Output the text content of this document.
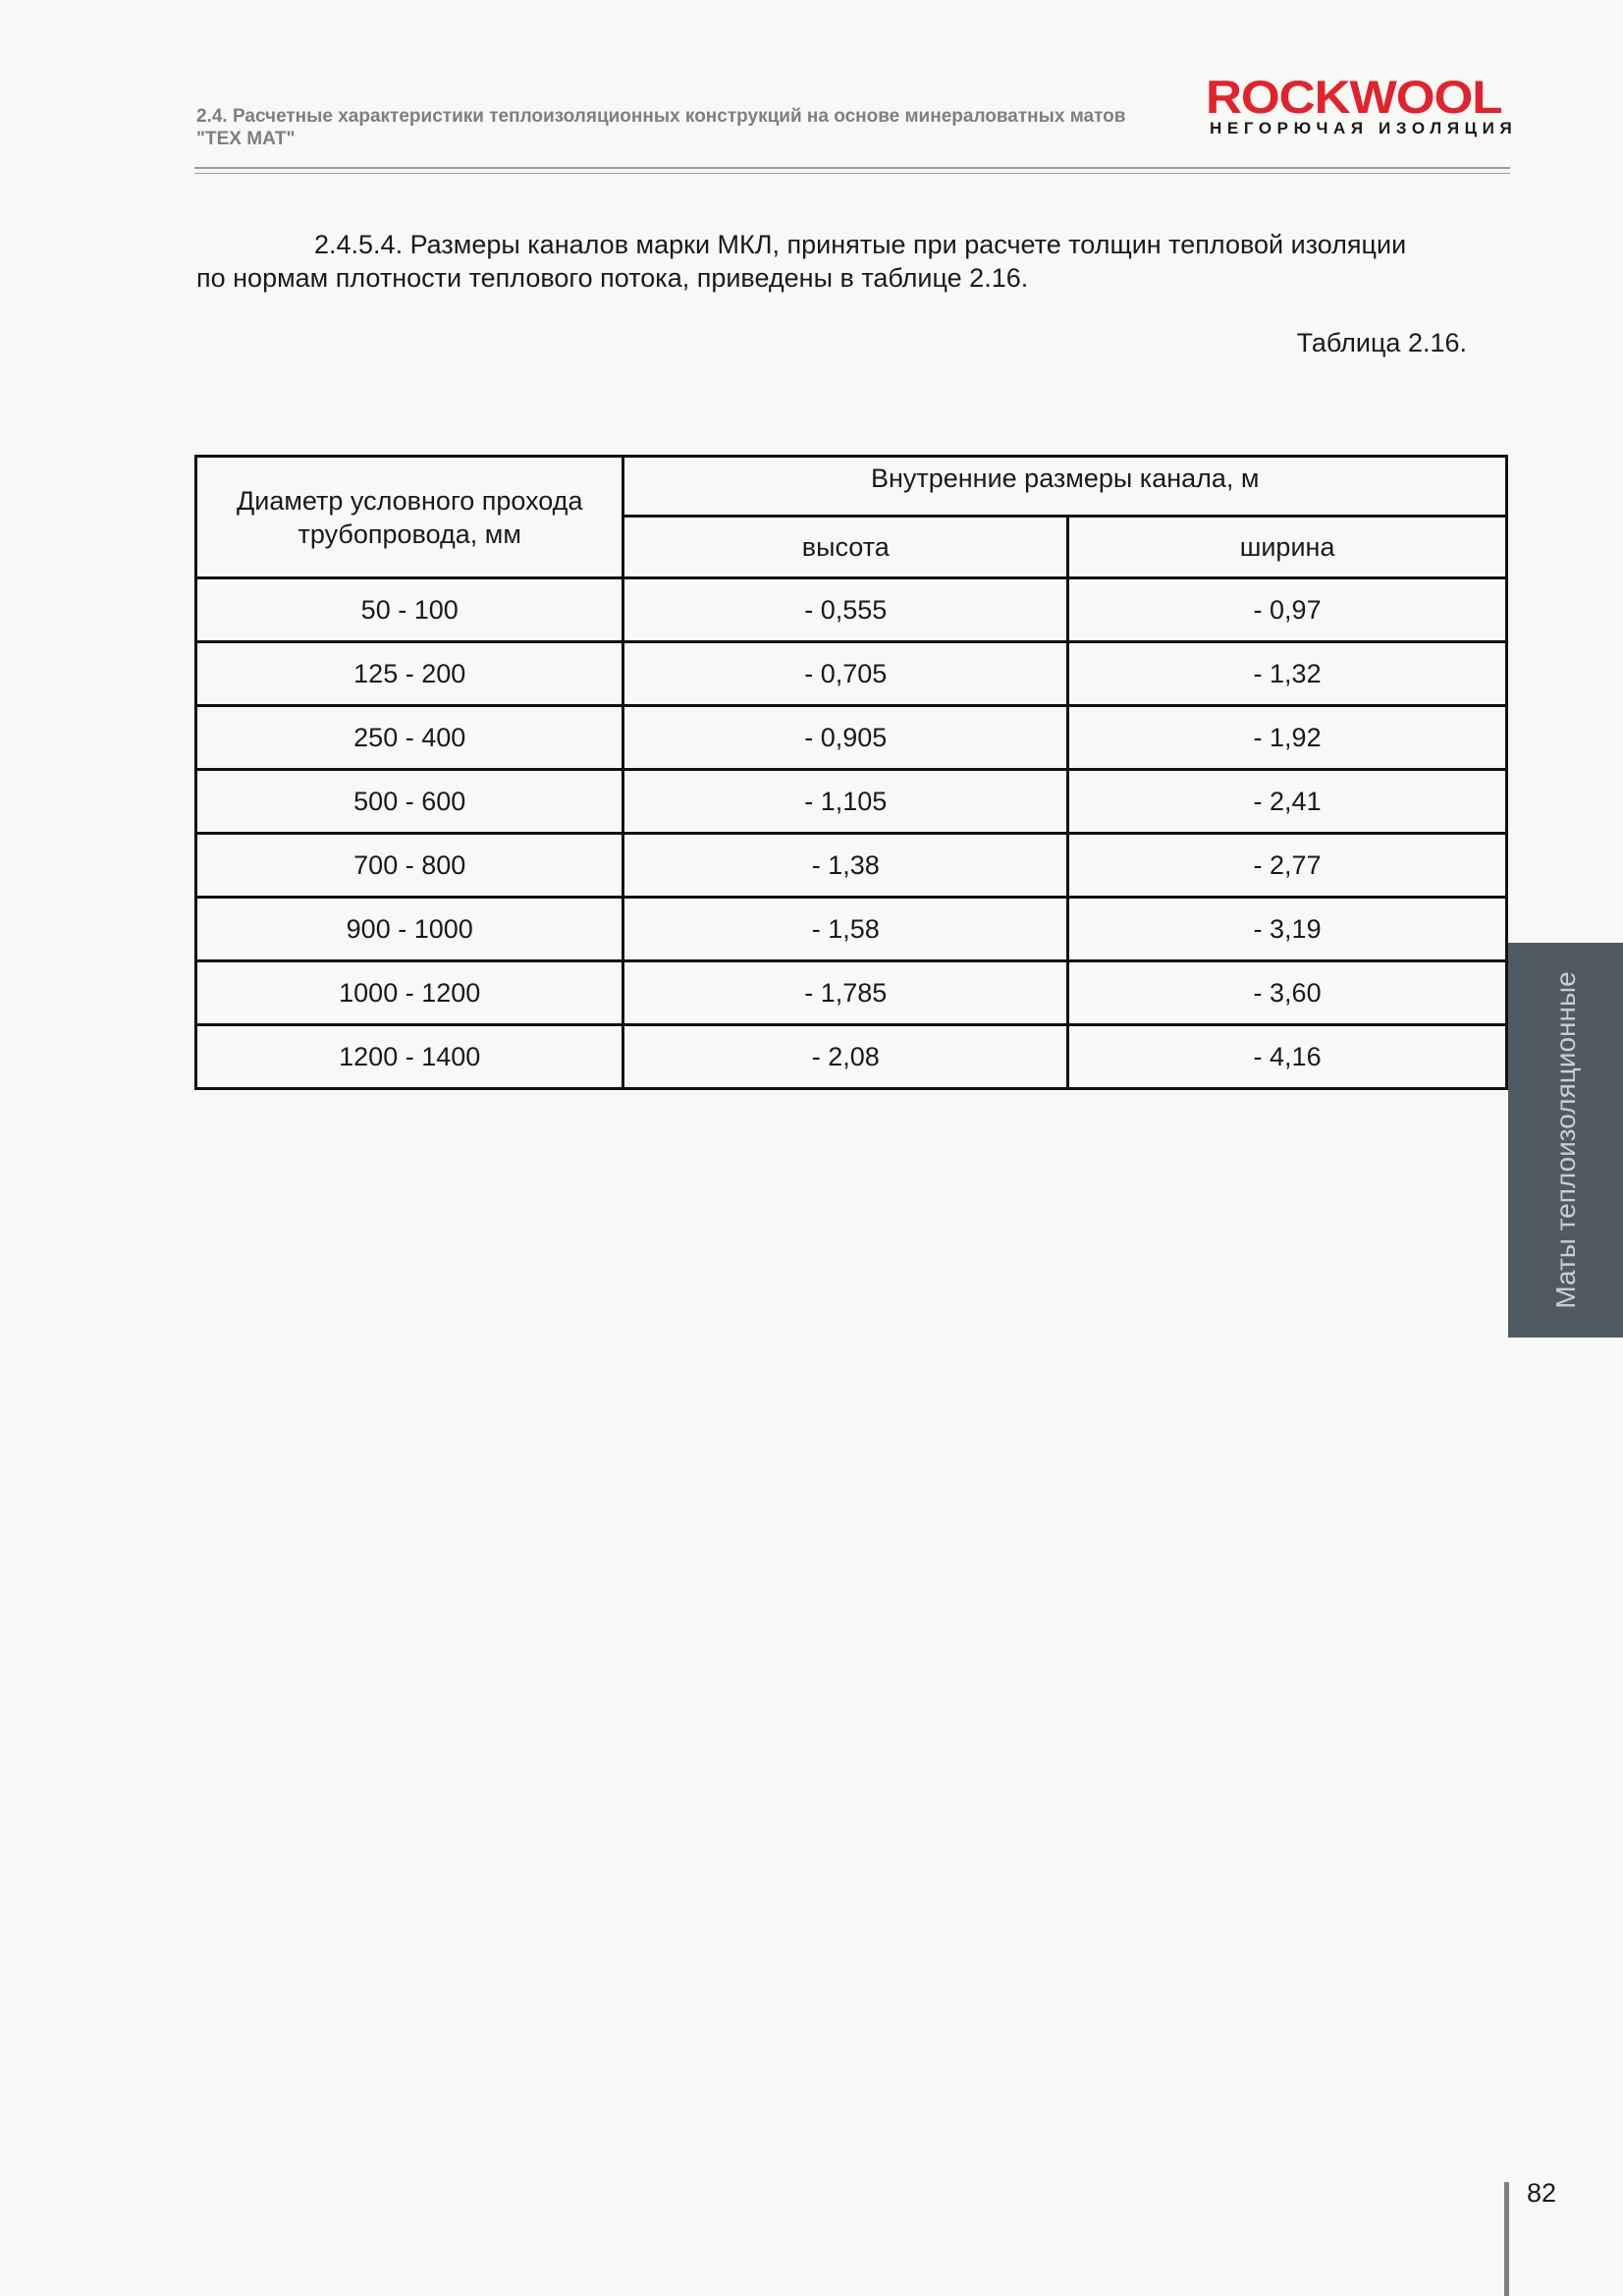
2.4. Расчетные характеристики теплоизоляционных конструкций на основе минераловатных матов
"ТЕХ МАТ"
ROCKWOOL
НЕГОРЮЧАЯ ИЗОЛЯЦИЯ
2.4.5.4. Размеры каналов марки МКЛ, принятые при расчете толщин тепловой изоляции
по нормам плотности теплового потока, приведены в таблице 2.16.
Таблица 2.16.
Диаметр условного прохода трубопровода, мм	Внутренние размеры канала, м	
	высота	ширина
50 - 100	- 0,555	- 0,97
125 - 200	- 0,705	- 1,32
250 - 400	- 0,905	- 1,92
500 - 600	- 1,105	- 2,41
700 - 800	- 1,38	- 2,77
900 - 1000	- 1,58	- 3,19
1000 - 1200	- 1,785	- 3,60
1200 - 1400	- 2,08	- 4,16	Маты теплоизоляционные
82
